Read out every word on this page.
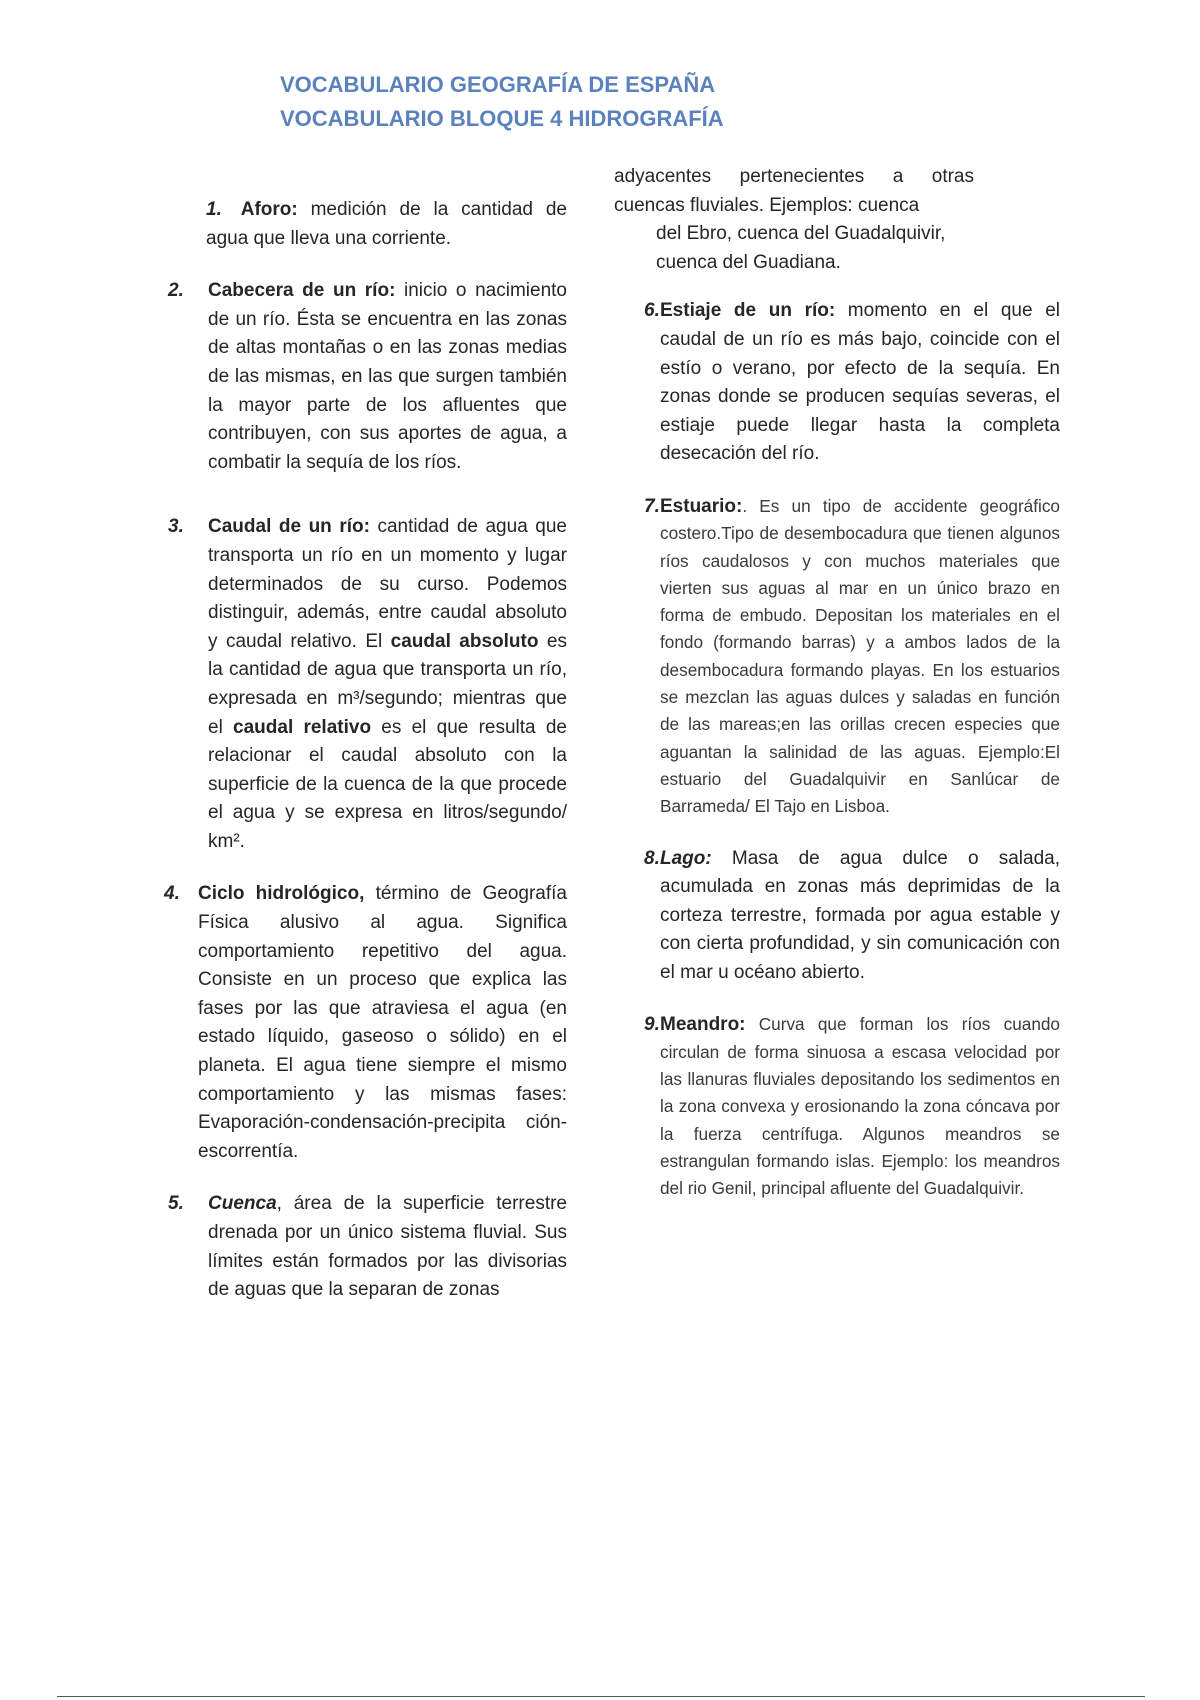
VOCABULARIO GEOGRAFÍA DE ESPAÑA
VOCABULARIO BLOQUE 4 HIDROGRAFÍA
1. Aforo: medición de la cantidad de agua que lleva una corriente.
2. Cabecera de un río: inicio o nacimiento de un río. Ésta se encuentra en las zonas de altas montañas o en las zonas medias de las mismas, en las que surgen también la mayor parte de los afluentes que contribuyen, con sus aportes de agua, a combatir la sequía de los ríos.
3. Caudal de un río: cantidad de agua que transporta un río en un momento y lugar determinados de su curso. Podemos distinguir, además, entre caudal absoluto y caudal relativo. El caudal absoluto es la cantidad de agua que transporta un río, expresada en m³/segundo; mientras que el caudal relativo es el que resulta de relacionar el caudal absoluto con la superficie de la cuenca de la que procede el agua y se expresa en litros/segundo/ km².
4. Ciclo hidrológico, término de Geografía Física alusivo al agua. Significa comportamiento repetitivo del agua. Consiste en un proceso que explica las fases por las que atraviesa el agua (en estado líquido, gaseoso o sólido) en el planeta. El agua tiene siempre el mismo comportamiento y las mismas fases: Evaporación-condensación-precipita ción-escorrentía.
5. Cuenca, área de la superficie terrestre drenada por un único sistema fluvial. Sus límites están formados por las divisorias de aguas que la separan de zonas
adyacentes pertenecientes a otras cuencas fluviales. Ejemplos: cuenca
del Ebro, cuenca del Guadalquivir, cuenca del Guadiana.
6. Estiaje de un río: momento en el que el caudal de un río es más bajo, coincide con el estío o verano, por efecto de la sequía. En zonas donde se producen sequías severas, el estiaje puede llegar hasta la completa desecación del río.
7. Estuario:. Es un tipo de accidente geográfico costero.Tipo de desembocadura que tienen algunos ríos caudalosos y con muchos materiales que vierten sus aguas al mar en un único brazo en forma de embudo. Depositan los materiales en el fondo (formando barras) y a ambos lados de la desembocadura formando playas. En los estuarios se mezclan las aguas dulces y saladas en función de las mareas;en las orillas crecen especies que aguantan la salinidad de las aguas. Ejemplo:El estuario del Guadalquivir en Sanlúcar de Barrameda/ El Tajo en Lisboa.
8. Lago: Masa de agua dulce o salada, acumulada en zonas más deprimidas de la corteza terrestre, formada por agua estable y con cierta profundidad, y sin comunicación con el mar u océano abierto.
9. Meandro: Curva que forman los ríos cuando circulan de forma sinuosa a escasa velocidad por las llanuras fluviales depositando los sedimentos en la zona convexa y erosionando la zona cóncava por la fuerza centrífuga. Algunos meandros se estrangulan formando islas. Ejemplo: los meandros del rio Genil, principal afluente del Guadalquivir.
